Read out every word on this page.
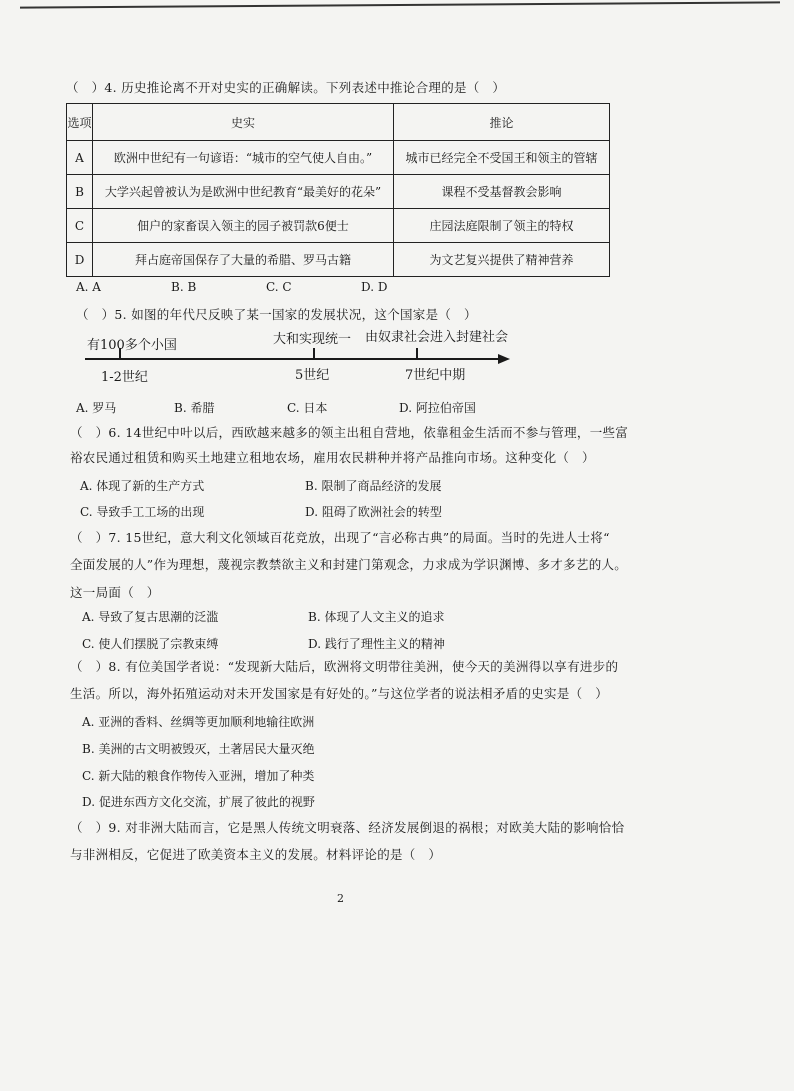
（　）4. 历史推论离不开对史实的正确解读。下列表述中推论合理的是（　）
选项	史实	推论
A	欧洲中世纪有一句谚语：“城市的空气使人自由。”	城市已经完全不受国王和领主的管辖
B	大学兴起曾被认为是欧洲中世纪教育“最美好的花朵”	课程不受基督教会影响
C	佃户的家畜误入领主的园子被罚款6便士	庄园法庭限制了领主的特权
D	拜占庭帝国保存了大量的希腊、罗马古籍	为文艺复兴提供了精神营养
A. A	B. B	C. C	D. D
（　）5. 如图的年代尺反映了某一国家的发展状况，这个国家是（　）
有100多个小国	大和实现统一 由奴隶社会进入封建社会
1-2世纪	5世纪	7世纪中期
A. 罗马	B. 希腊	C. 日本	D. 阿拉伯帝国
（　）6. 14世纪中叶以后，西欧越来越多的领主出租自营地，依靠租金生活而不参与管理，一些富
裕农民通过租赁和购买土地建立租地农场，雇用农民耕种并将产品推向市场。这种变化（　）
A. 体现了新的生产方式	B. 限制了商品经济的发展
C. 导致手工工场的出现	D. 阻碍了欧洲社会的转型
（　）7. 15世纪，意大利文化领域百花竞放，出现了“言必称古典”的局面。当时的先进人士将“
全面发展的人”作为理想，蔑视宗教禁欲主义和封建门第观念，力求成为学识渊博、多才多艺的人。
这一局面（　）
A. 导致了复古思潮的泛滥	B. 体现了人文主义的追求
C. 使人们摆脱了宗教束缚	D. 践行了理性主义的精神
（　）8. 有位美国学者说：“发现新大陆后，欧洲将文明带往美洲，使今天的美洲得以享有进步的
生活。所以，海外拓殖运动对未开发国家是有好处的。”与这位学者的说法相矛盾的史实是（　）
A. 亚洲的香料、丝绸等更加顺利地输往欧洲
B. 美洲的古文明被毁灭，土著居民大量灭绝
C. 新大陆的粮食作物传入亚洲，增加了种类
D. 促进东西方文化交流，扩展了彼此的视野
（　）9. 对非洲大陆而言，它是黑人传统文明衰落、经济发展倒退的祸根；对欧美大陆的影响恰恰
与非洲相反，它促进了欧美资本主义的发展。材料评论的是（　）
2
